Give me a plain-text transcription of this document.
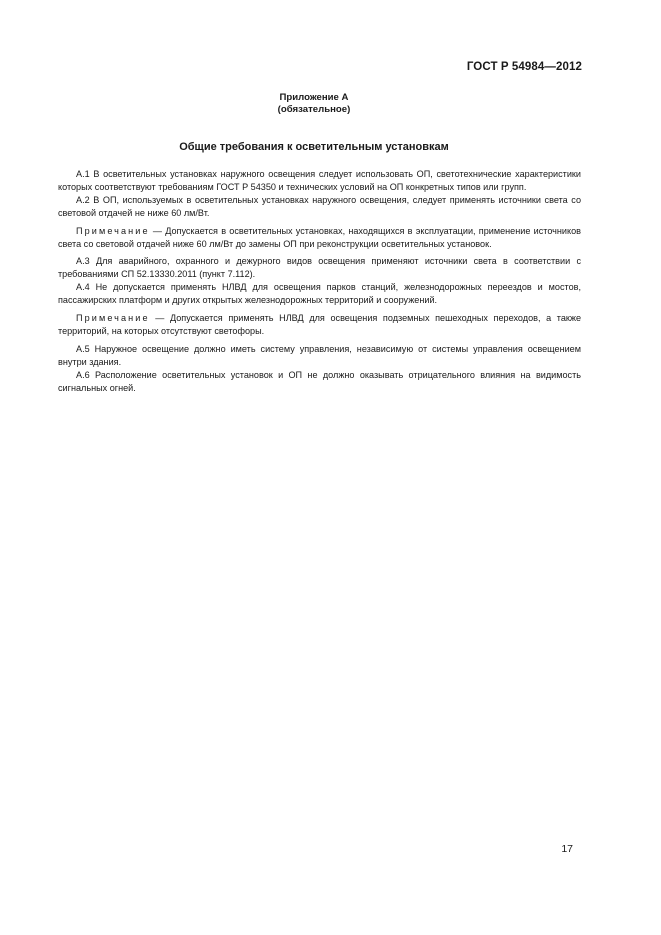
ГОСТ Р 54984—2012
Приложение А
(обязательное)
Общие требования к осветительным установкам

А.1 В осветительных установках наружного освещения следует использовать ОП, светотехнические характеристики которых соответствуют требованиям ГОСТ Р 54350 и технических условий на ОП конкретных типов или групп.

А.2 В ОП, используемых в осветительных установках наружного освещения, следует применять источники света со световой отдачей не ниже 60 лм/Вт.

Примечание — Допускается в осветительных установках, находящихся в эксплуатации, применение источников света со световой отдачей ниже 60 лм/Вт до замены ОП при реконструкции осветительных установок.

А.3 Для аварийного, охранного и дежурного видов освещения применяют источники света в соответствии с требованиями СП 52.13330.2011 (пункт 7.112).

А.4 Не допускается применять НЛВД для освещения парков станций, железнодорожных переездов и мостов, пассажирских платформ и других открытых железнодорожных территорий и сооружений.

Примечание — Допускается применять НЛВД для освещения подземных пешеходных переходов, а также территорий, на которых отсутствуют светофоры.

А.5 Наружное освещение должно иметь систему управления, независимую от системы управления освещением внутри здания.

А.6 Расположение осветительных установок и ОП не должно оказывать отрицательного влияния на видимость сигнальных огней.

17
